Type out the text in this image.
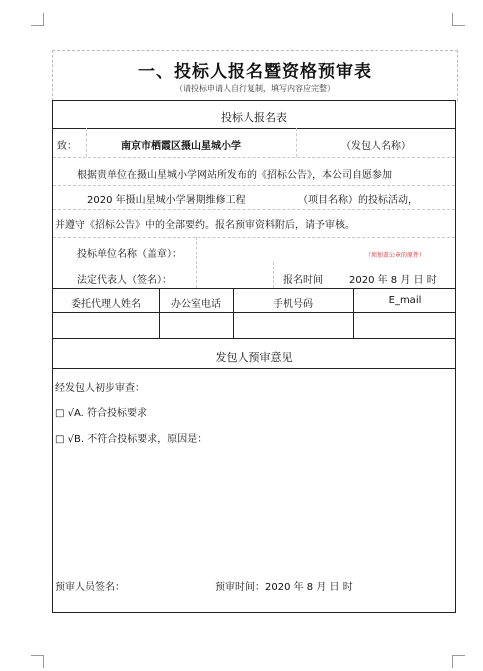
一、投标人报名暨资格预审表
（请投标申请人自行复制，填写内容应完整）
投标人报名表
致：	南京市栖霞区摄山星城小学	（发包人名称）
根据贵单位在摄山星城小学网站所发布的《招标公告》，本公司自愿参加
2020 年摄山星城小学暑期维修工程	（项目名称）的投标活动，
并遵守《招标公告》中的全部要约。报名预审资料附后，请予审核。
投标单位名称（盖章）：	（须加盖公章的原件）
法定代表人（签名）：	报名时间	2020 年 8 月 日 时
委托代理人姓名	办公室电话	手机号码	E_mail
发包人预审意见
经发包人初步审查：
□ √A. 符合投标要求
□ √B. 不符合投标要求，原因是：
预审人员签名：	预审时间：2020 年 8 月 日 时
